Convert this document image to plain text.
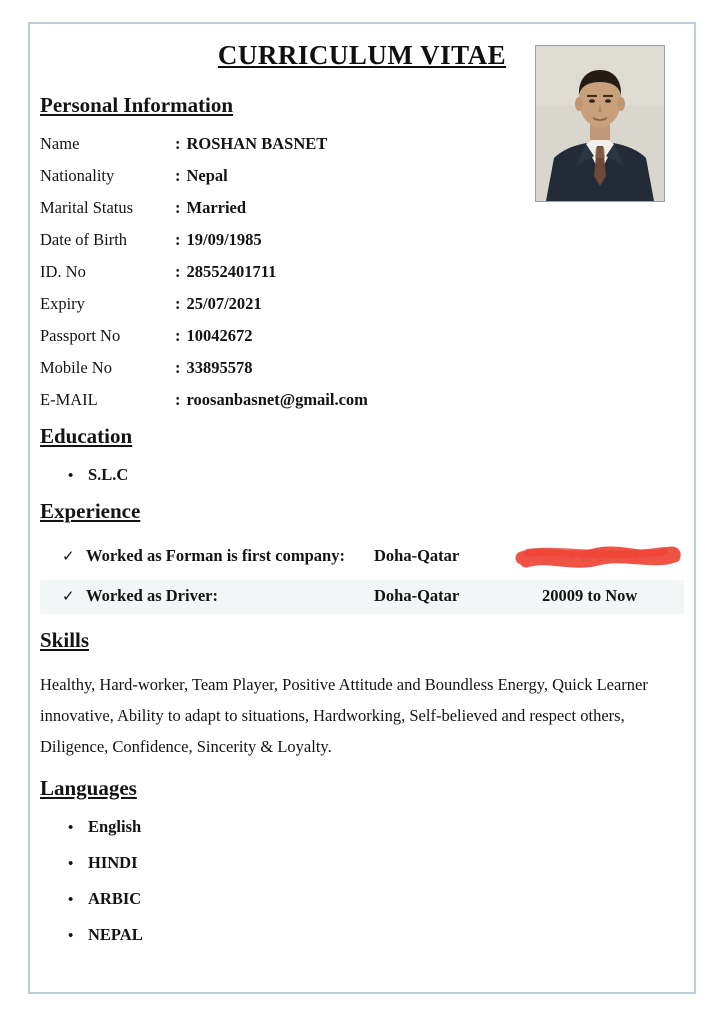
CURRICULUM VITAE
Personal Information
Name	: ROSHAN BASNET
Nationality	: Nepal
Marital Status	: Married
Date of Birth	: 19/09/1985
ID. No	: 28552401711
Expiry	: 25/07/2021
Passport No	: 10042672
Mobile No	: 33895578
E-MAIL	: roosanbasnet@gmail.com
Education
• S.L.C
Experience
✓ Worked as Forman is first company:	Doha-Qatar	2004 to 20009
✓ Worked as Driver:	Doha-Qatar	20009 to Now
Skills

Healthy, Hard-worker, Team Player, Positive Attitude and Boundless Energy, Quick Learner innovative, Ability to adapt to situations, Hardworking, Self-believed and respect others, Diligence, Confidence, Sincerity & Loyalty.

Languages
• English
• HINDI
• ARBIC
• NEPAL
